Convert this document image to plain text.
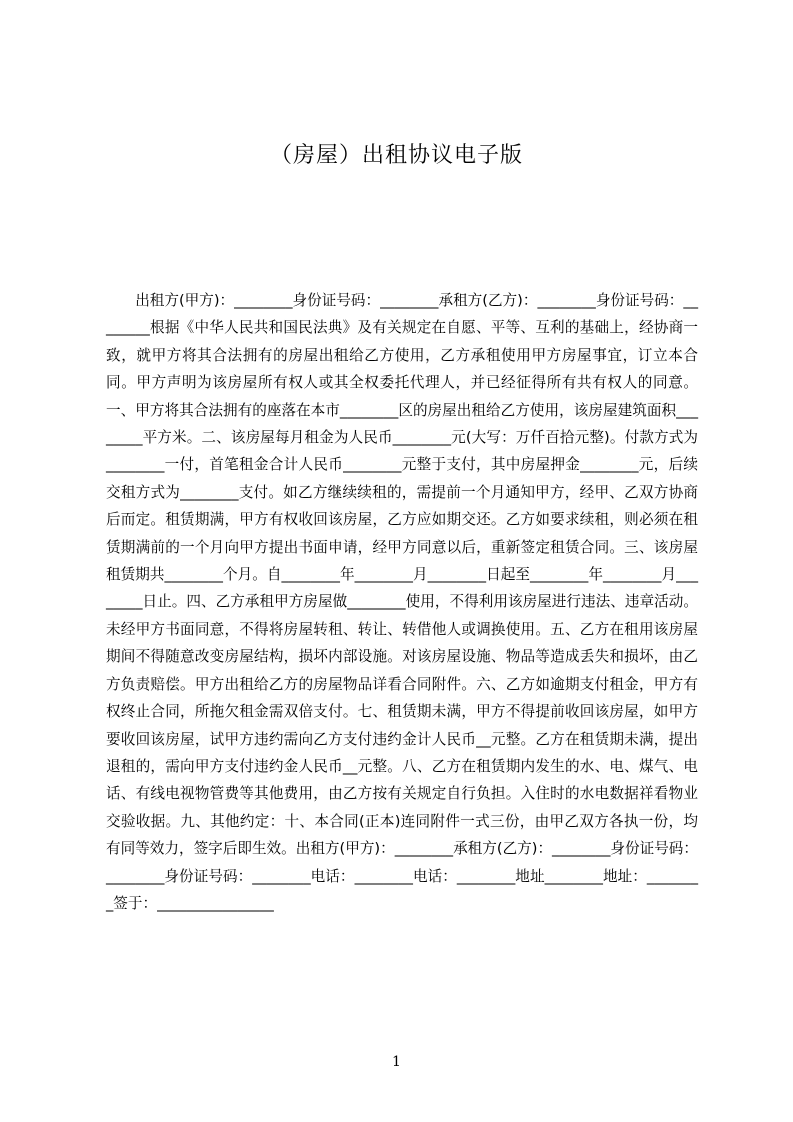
（房屋）出租协议电子版

出租方(甲方)：________身份证号码：________承租方(乙方)：________身份证号码：________根据《中华人民共和国民法典》及有关规定在自愿、平等、互利的基础上，经协商一致，就甲方将其合法拥有的房屋出租给乙方使用，乙方承租使用甲方房屋事宜，订立本合同。甲方声明为该房屋所有权人或其全权委托代理人，并已经征得所有共有权人的同意。一、甲方将其合法拥有的座落在本市________区的房屋出租给乙方使用，该房屋建筑面积________平方米。二、该房屋每月租金为人民币________元(大写：万仟百拾元整)。付款方式为________一付，首笔租金合计人民币________元整于支付，其中房屋押金________元，后续交租方式为________支付。如乙方继续续租的，需提前一个月通知甲方，经甲、乙双方协商后而定。租赁期满，甲方有权收回该房屋，乙方应如期交还。乙方如要求续租，则必须在租赁期满前的一个月向甲方提出书面申请，经甲方同意以后，重新签定租赁合同。三、该房屋租赁期共________个月。自________年________月________日起至________年________月________日止。四、乙方承租甲方房屋做________使用，不得利用该房屋进行违法、违章活动。未经甲方书面同意，不得将房屋转租、转让、转借他人或调换使用。五、乙方在租用该房屋期间不得随意改变房屋结构，损坏内部设施。对该房屋设施、物品等造成丢失和损坏，由乙方负责赔偿。甲方出租给乙方的房屋物品详看合同附件。六、乙方如逾期支付租金，甲方有权终止合同，所拖欠租金需双倍支付。七、租赁期未满，甲方不得提前收回该房屋，如甲方要收回该房屋，试甲方违约需向乙方支付违约金计人民币__元整。乙方在租赁期未满，提出退租的，需向甲方支付违约金人民币__元整。八、乙方在租赁期内发生的水、电、煤气、电话、有线电视物管费等其他费用，由乙方按有关规定自行负担。入住时的水电数据祥看物业交验收据。九、其他约定：十、本合同(正本)连同附件一式三份，由甲乙双方各执一份，均有同等效力，签字后即生效。出租方(甲方)：________承租方(乙方)：________身份证号码：________身份证号码：________电话：________电话：________地址________地址：________签于：________________

1
